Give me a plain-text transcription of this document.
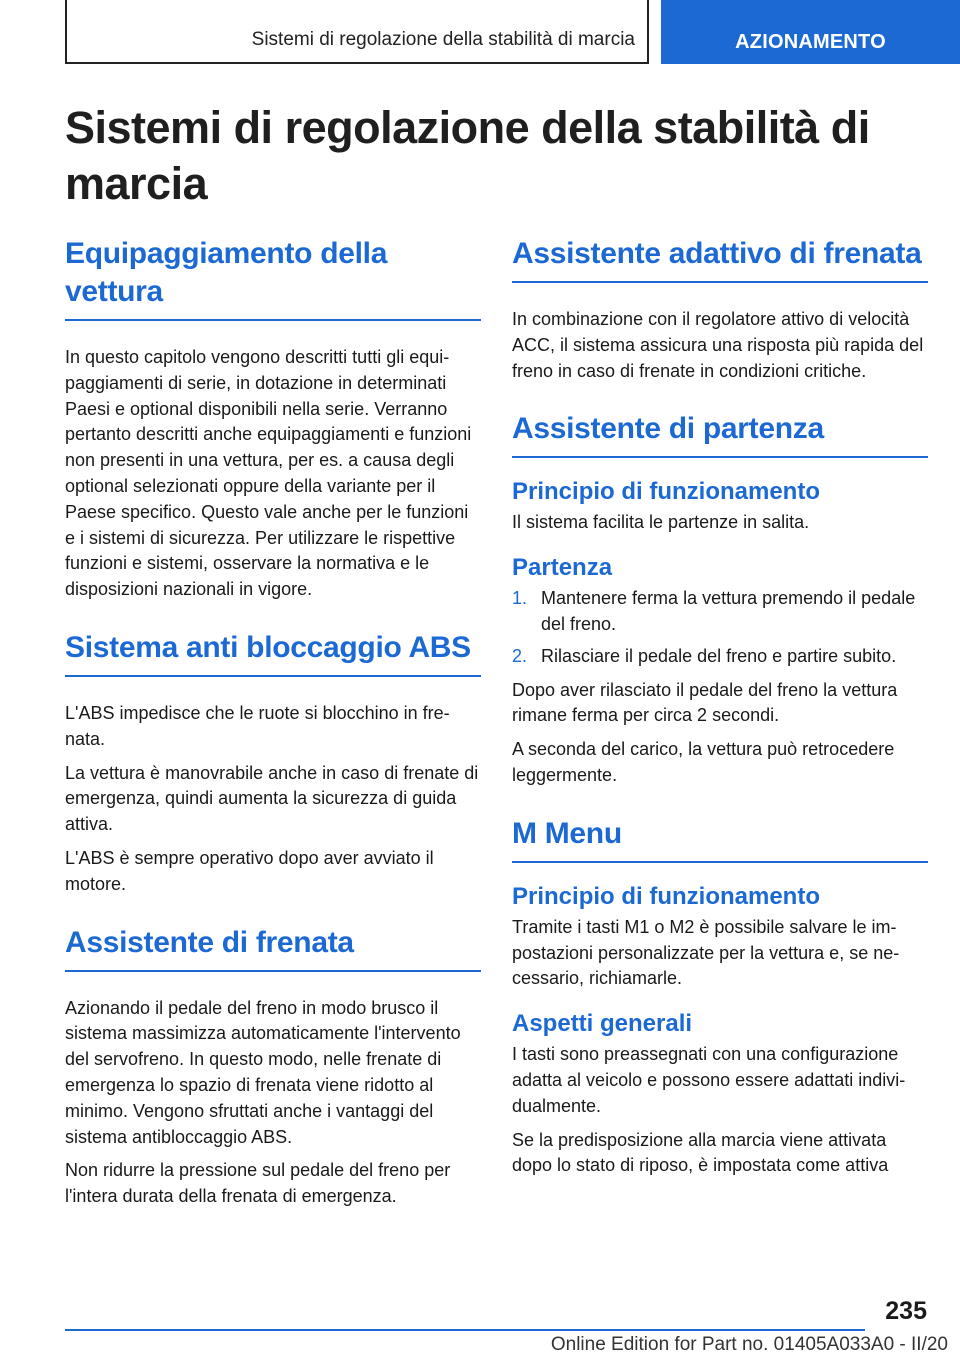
Sistemi di regolazione della stabilità di marcia	AZIONAMENTO
Sistemi di regolazione della stabilità di marcia
Equipaggiamento della vettura

In questo capitolo vengono descritti tutti gli equipaggiamenti di serie, in dotazione in determinati Paesi e optional disponibili nella serie. Verranno pertanto descritti anche equipaggiamenti e funzioni non presenti in una vettura, per es. a causa degli optional selezionati oppure della variante per il Paese specifico. Questo vale anche per le funzioni e i sistemi di sicurezza. Per utilizzare le rispettive funzioni e sistemi, osservare la normativa e le disposizioni nazionali in vigore.

Sistema anti bloccaggio ABS

L'ABS impedisce che le ruote si blocchino in frenata.

La vettura è manovrabile anche in caso di frenate di emergenza, quindi aumenta la sicurezza di guida attiva.

L'ABS è sempre operativo dopo aver avviato il motore.

Assistente di frenata

Azionando il pedale del freno in modo brusco il sistema massimizza automaticamente l'intervento del servofreno. In questo modo, nelle frenate di emergenza lo spazio di frenata viene ridotto al minimo. Vengono sfruttati anche i vantaggi del sistema antibloccaggio ABS.

Non ridurre la pressione sul pedale del freno per l'intera durata della frenata di emergenza.

Assistente adattivo di frenata

In combinazione con il regolatore attivo di velocità ACC, il sistema assicura una risposta più rapida del freno in caso di frenate in condizioni critiche.

Assistente di partenza
Principio di funzionamento

Il sistema facilita le partenze in salita.

Partenza
1. Mantenere ferma la vettura premendo il pedale del freno.
2. Rilasciare il pedale del freno e partire subito.

Dopo aver rilasciato il pedale del freno la vettura rimane ferma per circa 2 secondi.

A seconda del carico, la vettura può retrocedere leggermente.

M Menu
Principio di funzionamento

Tramite i tasti M1 o M2 è possibile salvare le impostazioni personalizzate per la vettura e, se necessario, richiamarle.

Aspetti generali

I tasti sono preassegnati con una configurazione adatta al veicolo e possono essere adattati individualmente.

Se la predisposizione alla marcia viene attivata dopo lo stato di riposo, è impostata come attiva

235
Online Edition for Part no. 01405A033A0 - II/20
